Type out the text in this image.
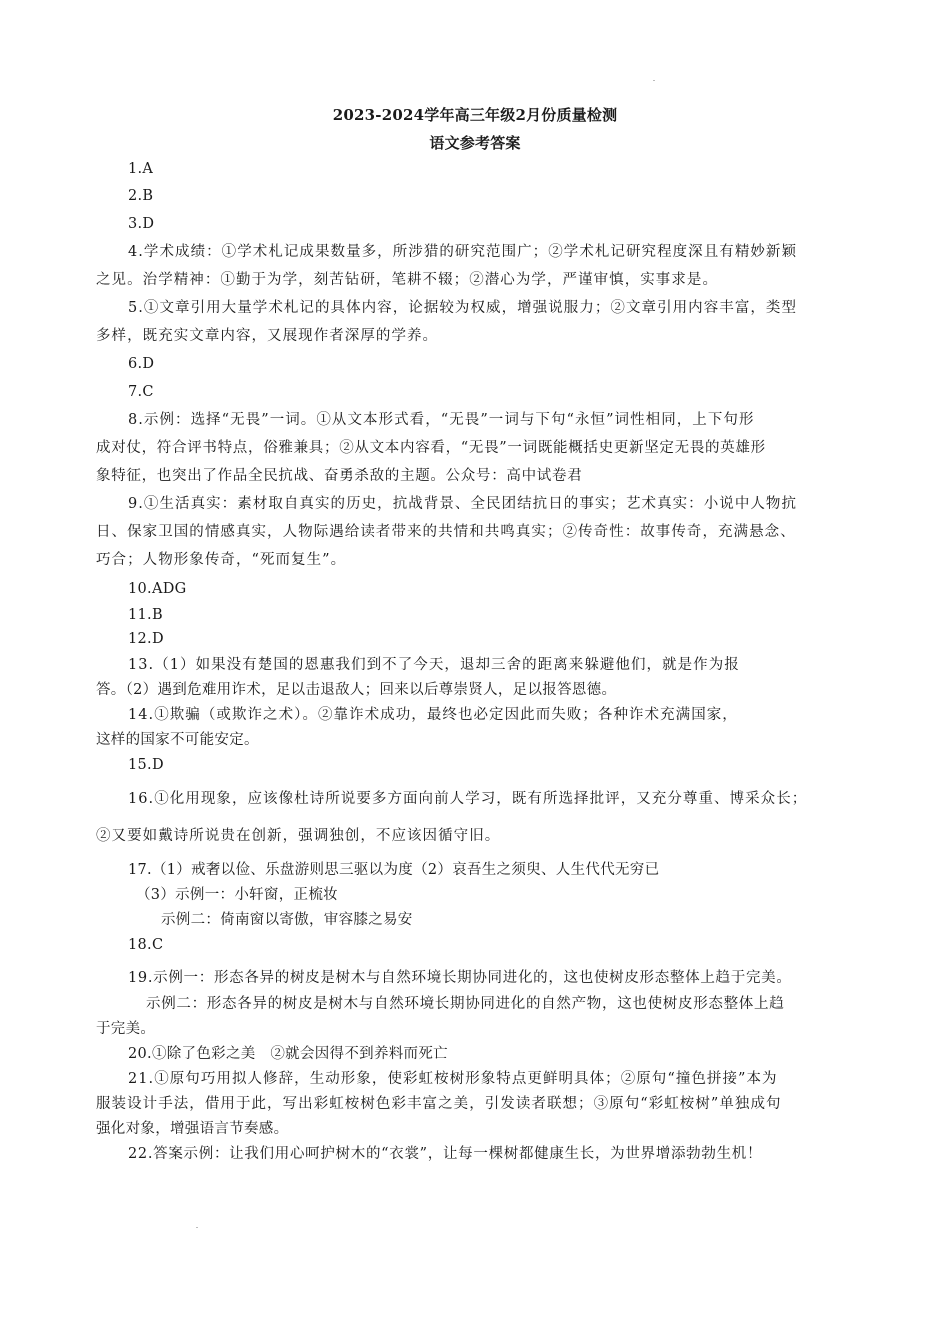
2023-2024学年高三年级2月份质量检测
语文参考答案
1.A
2.B
3.D
4.学术成绩：①学术札记成果数量多，所涉猎的研究范围广；②学术札记研究程度深且有精妙新颖
之见。治学精神：①勤于为学，刻苦钻研，笔耕不辍；②潜心为学，严谨审慎，实事求是。
5.①文章引用大量学术札记的具体内容，论据较为权威，增强说服力；②文章引用内容丰富，类型
多样，既充实文章内容，又展现作者深厚的学养。
6.D
7.C
8.示例：选择“无畏”一词。①从文本形式看，“无畏”一词与下句“永恒”词性相同，上下句形
成对仗，符合评书特点，俗雅兼具；②从文本内容看，“无畏”一词既能概括史更新坚定无畏的英雄形
象特征，也突出了作品全民抗战、奋勇杀敌的主题。公众号：高中试卷君
9.①生活真实：素材取自真实的历史，抗战背景、全民团结抗日的事实；艺术真实：小说中人物抗
日、保家卫国的情感真实，人物际遇给读者带来的共情和共鸣真实；②传奇性：故事传奇，充满悬念、
巧合；人物形象传奇，“死而复生”。
10.ADG
11.B
12.D
13.（1）如果没有楚国的恩惠我们到不了今天，退却三舍的距离来躲避他们，就是作为报
答。（2）遇到危难用诈术，足以击退敌人；回来以后尊崇贤人，足以报答恩德。
14.①欺骗（或欺诈之术）。②靠诈术成功，最终也必定因此而失败；各种诈术充满国家，
这样的国家不可能安定。
15.D
16.①化用现象，应该像杜诗所说要多方面向前人学习，既有所选择批评，又充分尊重、博采众长；
②又要如戴诗所说贵在创新，强调独创，不应该因循守旧。
17.（1）戒奢以俭、乐盘游则思三驱以为度（2）哀吾生之须臾、人生代代无穷已
（3）示例一：小轩窗，正梳妆
示例二：倚南窗以寄傲，审容膝之易安
18.C
19.示例一：形态各异的树皮是树木与自然环境长期协同进化的，这也使树皮形态整体上趋于完美。
示例二：形态各异的树皮是树木与自然环境长期协同进化的自然产物，这也使树皮形态整体上趋
于完美。
20.①除了色彩之美　②就会因得不到养料而死亡
21.①原句巧用拟人修辞，生动形象，使彩虹桉树形象特点更鲜明具体；②原句“撞色拼接”本为
服装设计手法，借用于此，写出彩虹桉树色彩丰富之美，引发读者联想；③原句“彩虹桉树”单独成句
强化对象，增强语言节奏感。
22.答案示例：让我们用心呵护树木的“衣裳”，让每一棵树都健康生长，为世界增添勃勃生机！
